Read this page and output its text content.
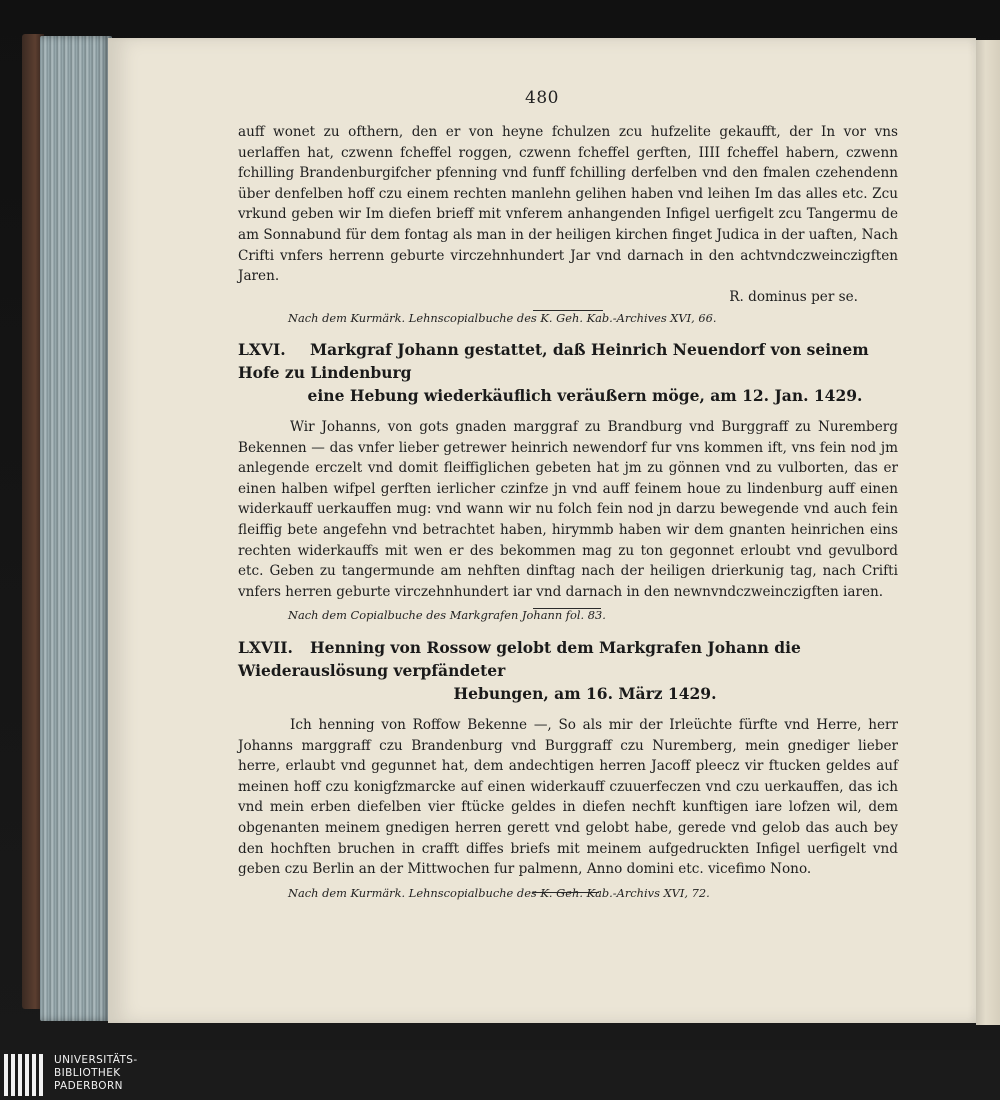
480
auff wonet zu ofthern, den er von heyne fchulzen zcu hufzelite gekaufft, der In vor vns uerlaffen hat, czwenn fcheffel roggen, czwenn fcheffel gerften, IIII fcheffel habern, czwenn fchilling Brandenburgifcher pfenning vnd funff fchilling derfelben vnd den fmalen czehendenn über denfelben hoff czu einem rechten manlehn gelihen haben vnd leihen Im das alles etc. Zcu vrkund geben wir Im diefen brieff mit vnferem anhangenden Infigel uerfigelt zcu Tangermu de am Sonnabund für dem fontag als man in der heiligen kirchen finget Judica in der uaften, Nach Crifti vnfers herrenn geburte virczehnhundert Jar vnd darnach in den achtvndczweinczigften Jaren.
R. dominus per se.
Nach dem Kurmärk. Lehnscopialbuche des K. Geh. Kab.-Archives XVI, 66.
LXVI. Markgraf Johann gestattet, daß Heinrich Neuendorf von seinem Hofe zu Lindenburg
eine Hebung wiederkäuflich veräußern möge, am 12. Jan. 1429.
Wir Johanns, von gots gnaden marggraf zu Brandburg vnd Burggraff zu Nuremberg Bekennen — das vnfer lieber getrewer heinrich newendorf fur vns kommen ift, vns fein nod jm anlegende erczelt vnd domit fleiffiglichen gebeten hat jm zu gönnen vnd zu vulborten, das er einen halben wifpel gerften ierlicher czinfze jn vnd auff feinem houe zu lindenburg auff einen widerkauff uerkauffen mug: vnd wann wir nu folch fein nod jn darzu bewegende vnd auch fein fleiffig bete angefehn vnd betrachtet haben, hirymmb haben wir dem gnanten heinrichen eins rechten widerkauffs mit wen er des bekommen mag zu ton gegonnet erloubt vnd gevulbord etc. Geben zu tangermunde am nehften dinftag nach der heiligen drierkunig tag, nach Crifti vnfers herren geburte virczehnhundert iar vnd darnach in den newnvndczweinczigften iaren.
Nach dem Copialbuche des Markgrafen Johann fol. 83.
LXVII. Henning von Rossow gelobt dem Markgrafen Johann die Wiederauslösung verpfändeter
Hebungen, am 16. März 1429.
Ich henning von Roffow Bekenne —, So als mir der Irleüchte fürfte vnd Herre, herr Johanns marggraff czu Brandenburg vnd Burggraff czu Nuremberg, mein gnediger lieber herre, erlaubt vnd gegunnet hat, dem andechtigen herren Jacoff pleecz vir ftucken geldes auf meinen hoff czu konigfzmarcke auf einen widerkauff czuuerfeczen vnd czu uerkauffen, das ich vnd mein erben diefelben vier ftücke geldes in diefen nechft kunftigen iare lofzen wil, dem obgenanten meinem gnedigen herren gerett vnd gelobt habe, gerede vnd gelob das auch bey den hochften bruchen in crafft diffes briefs mit meinem aufgedruckten Infigel uerfigelt vnd geben czu Berlin an der Mittwochen fur palmenn, Anno domini etc. vicefimo Nono.
Nach dem Kurmärk. Lehnscopialbuche des K. Geh. Kab.-Archivs XVI, 72.
UNIVERSITÄTS-
BIBLIOTHEK
PADERBORN
